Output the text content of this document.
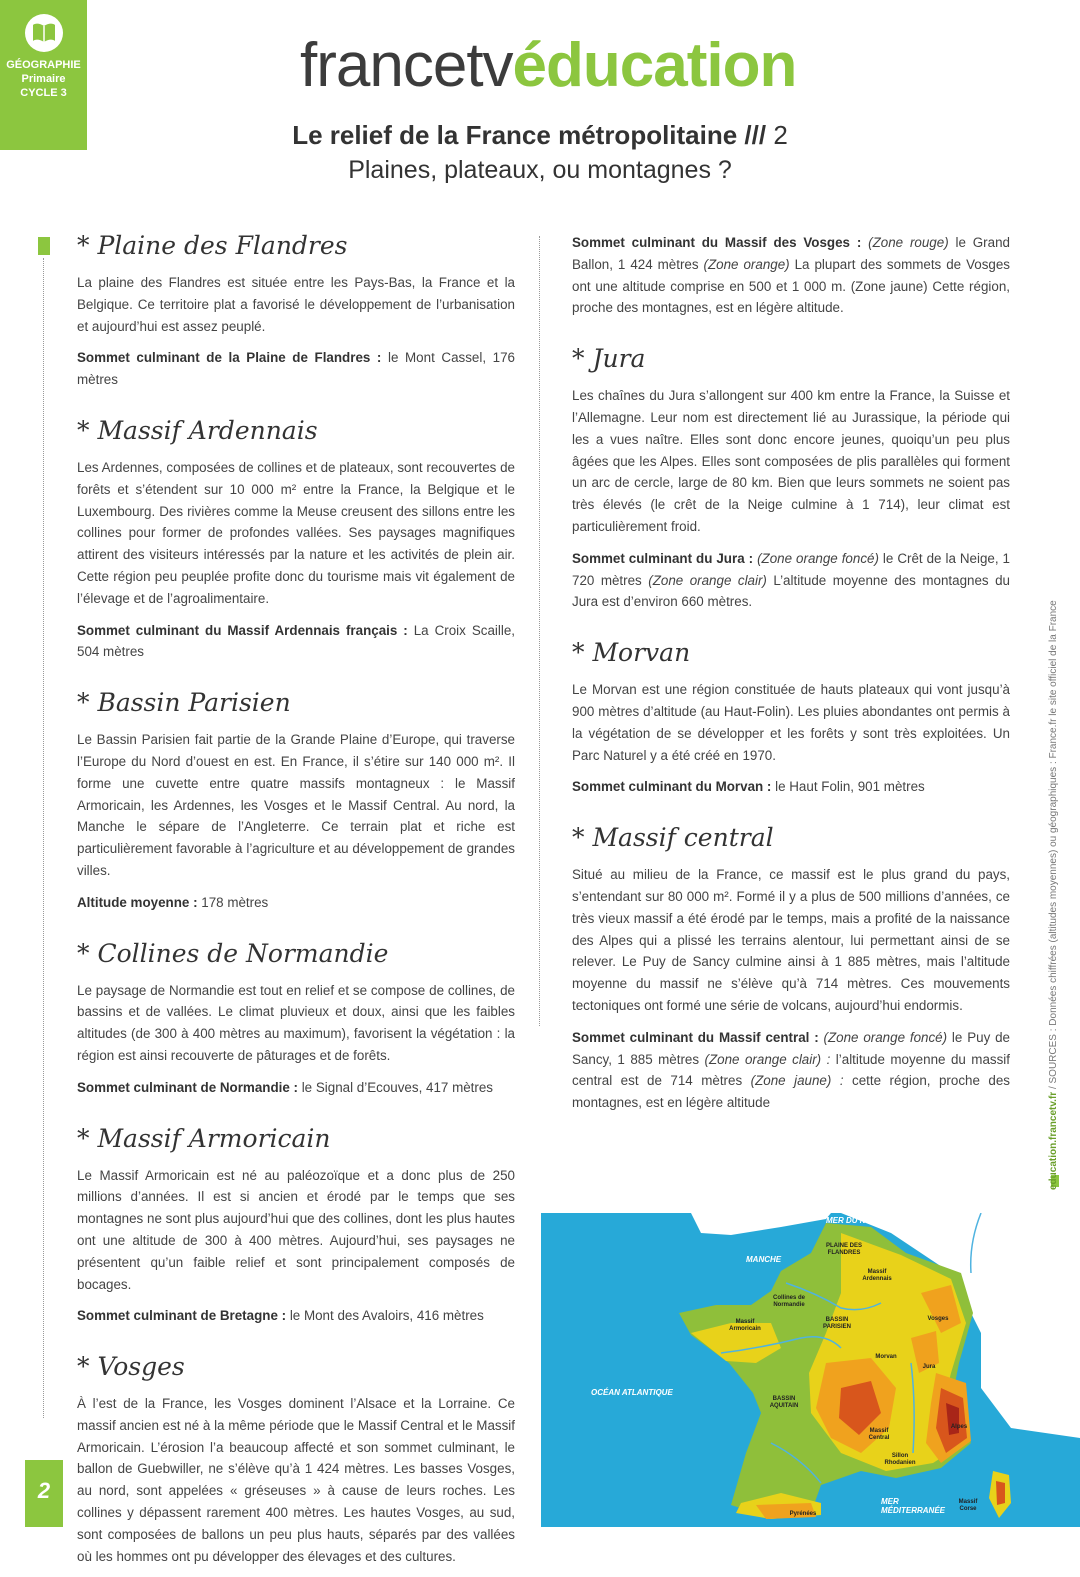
GÉOGRAPHIE
Primaire
CYCLE 3	francetvéducation
Le relief de la France métropolitaine /// 2
Plaines, plateaux, ou montagnes ?
* Plaine des Flandres

La plaine des Flandres est située entre les Pays-Bas, la France et la Belgique. Ce territoire plat a favorisé le développement de l’urbanisation et aujourd’hui est assez peuplé.

Sommet culminant de la Plaine de Flandres : le Mont Cassel, 176 mètres

* Massif Ardennais

Les Ardennes, composées de collines et de plateaux, sont recouvertes de forêts et s’étendent sur 10 000 m² entre la France, la Belgique et le Luxembourg. Des rivières comme la Meuse creusent des sillons entre les collines pour former de profondes vallées. Ses paysages magnifiques attirent des visiteurs intéressés par la nature et les activités de plein air. Cette région peu peuplée profite donc du tourisme mais vit également de l’élevage et de l’agroalimentaire.

Sommet culminant du Massif Ardennais français : La Croix Scaille, 504 mètres

* Bassin Parisien

Le Bassin Parisien fait partie de la Grande Plaine d’Europe, qui traverse l’Europe du Nord d’ouest en est. En France, il s’étire sur 140 000 m². Il forme une cuvette entre quatre massifs montagneux : le Massif Armoricain, les Ardennes, les Vosges et le Massif Central. Au nord, la Manche le sépare de l’Angleterre. Ce terrain plat et riche est particulièrement favorable à l’agriculture et au développement de grandes villes.

Altitude moyenne : 178 mètres

* Collines de Normandie

Le paysage de Normandie est tout en relief et se compose de collines, de bassins et de vallées. Le climat pluvieux et doux, ainsi que les faibles altitudes (de 300 à 400 mètres au maximum), favorisent la végétation : la région est ainsi recouverte de pâturages et de forêts.

Sommet culminant de Normandie : le Signal d’Ecouves, 417 mètres

* Massif Armoricain

Le Massif Armoricain est né au paléozoïque et a donc plus de 250 millions d’années. Il est si ancien et érodé par le temps que ses montagnes ne sont plus aujourd’hui que des collines, dont les plus hautes ont une altitude de 300 à 400 mètres. Aujourd’hui, ses paysages ne présentent qu’un faible relief et sont principalement composés de bocages.

Sommet culminant de Bretagne : le Mont des Avaloirs, 416 mètres

* Vosges

À l’est de la France, les Vosges dominent l’Alsace et la Lorraine. Ce massif ancien est né à la même période que le Massif Central et le Massif Armoricain. L’érosion l’a beaucoup affecté et son sommet culminant, le ballon de Guebwiller, ne s’élève qu’à 1 424 mètres. Les basses Vosges, au nord, sont appelées « gréseuses » à cause de leurs roches. Les collines y dépassent rarement 400 mètres. Les hautes Vosges, au sud, sont composées de ballons un peu plus hauts, séparés par des vallées où les hommes ont pu développer des élevages et des cultures.

Sommet culminant du Massif des Vosges : (Zone rouge) le Grand Ballon, 1 424 mètres (Zone orange) La plupart des sommets de Vosges ont une altitude comprise en 500 et 1 000 m. (Zone jaune) Cette région, proche des montagnes, est en légère altitude.

* Jura

Les chaînes du Jura s’allongent sur 400 km entre la France, la Suisse et l’Allemagne. Leur nom est directement lié au Jurassique, la période qui les a vues naître. Elles sont donc encore jeunes, quoiqu’un peu plus âgées que les Alpes. Elles sont composées de plis parallèles qui forment un arc de cercle, large de 80 km. Bien que leurs sommets ne soient pas très élevés (le crêt de la Neige culmine à 1 714), leur climat est particulièrement froid.

Sommet culminant du Jura : (Zone orange foncé) le Crêt de la Neige, 1 720 mètres (Zone orange clair) L’altitude moyenne des montagnes du Jura est d’environ 660 mètres.

* Morvan

Le Morvan est une région constituée de hauts plateaux qui vont jusqu’à 900 mètres d’altitude (au Haut-Folin). Les pluies abondantes ont permis à la végétation de se développer et les forêts y sont très exploitées. Un Parc Naturel y a été créé en 1970.

Sommet culminant du Morvan : le Haut Folin, 901 mètres

* Massif central

Situé au milieu de la France, ce massif est le plus grand du pays, s’entendant sur 80 000 m². Formé il y a plus de 500 millions d’années, ce très vieux massif a été érodé par le temps, mais a profité de la naissance des Alpes qui a plissé les terrains alentour, lui permettant ainsi de se relever. Le Puy de Sancy culmine ainsi à 1 885 mètres, mais l’altitude moyenne du massif ne s’élève qu’à 714 mètres. Ces mouvements tectoniques ont formé une série de volcans, aujourd’hui endormis.

Sommet culminant du Massif central : (Zone orange foncé) le Puy de Sancy, 1 885 mètres (Zone orange clair) : l’altitude moyenne du massif central est de 714 mètres (Zone jaune) : cette région, proche des montagnes, est en légère altitude	education.francetv.fr / SOURCES : Données chiffrées (altitudes moyennes) ou géographiques : France.fr le site officiel de la France
2
MER DU NORD
MANCHE
OCÉAN ATLANTIQUE
MER MÉDITERRANÉE
PLAINE DES FLANDRES
Massif Ardennais
Collines de Normandie
BASSIN PARISIEN
Massif Armoricain
Vosges
Morvan
Jura
BASSIN AQUITAIN
Massif Central
Alpes
Sillon Rhodanien
Massif Corse
Pyrénées
